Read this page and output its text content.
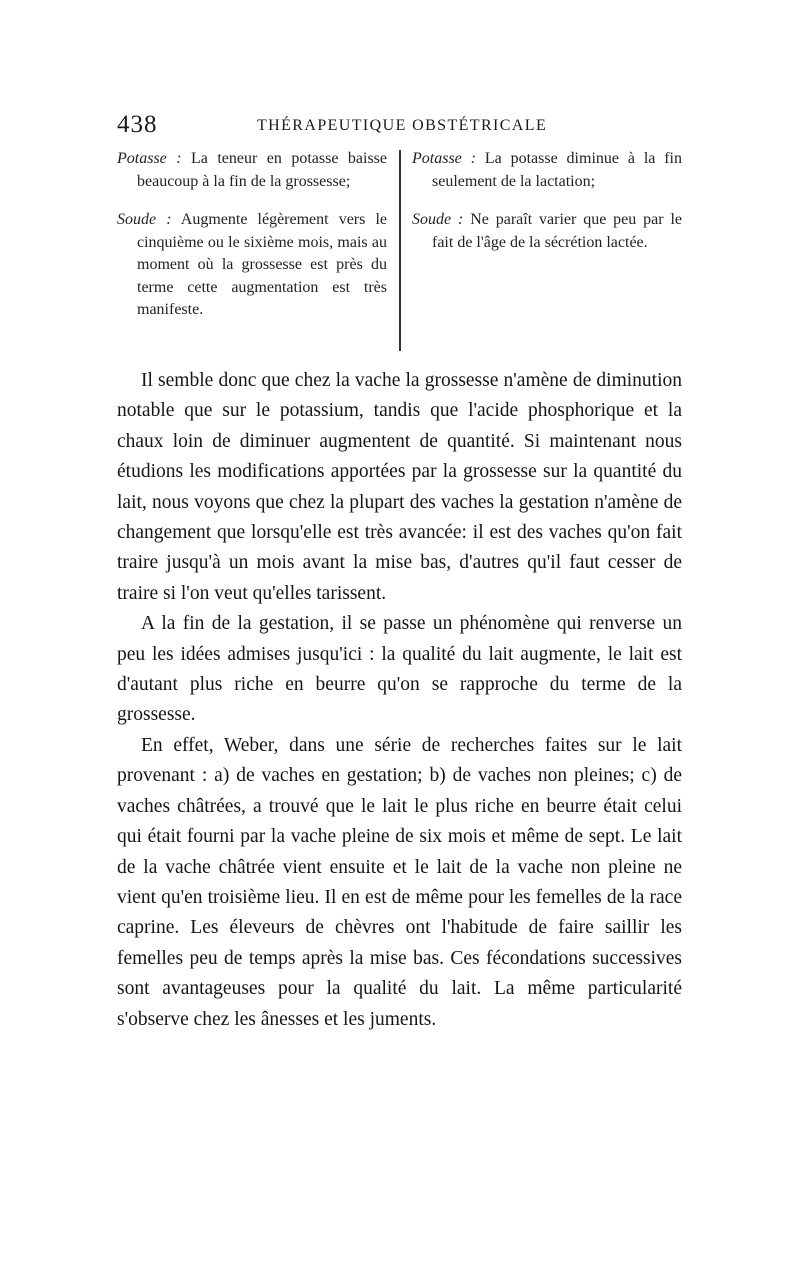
438	THÉRAPEUTIQUE OBSTÉTRICALE

Potasse : La teneur en potasse baisse beaucoup à la fin de la grossesse;

Soude : Augmente légèrement vers le cinquième ou le sixième mois, mais au moment où la grossesse est près du terme cette augmentation est très manifeste.

Potasse : La potasse diminue à la fin seulement de la lactation;

Soude : Ne paraît varier que peu par le fait de l'âge de la sécrétion lactée.

Il semble donc que chez la vache la grossesse n'amène de diminution notable que sur le potassium, tandis que l'acide phosphorique et la chaux loin de diminuer augmentent de quantité. Si maintenant nous étudions les modifications apportées par la grossesse sur la quantité du lait, nous voyons que chez la plupart des vaches la gestation n'amène de changement que lorsqu'elle est très avancée: il est des vaches qu'on fait traire jusqu'à un mois avant la mise bas, d'autres qu'il faut cesser de traire si l'on veut qu'elles tarissent.

A la fin de la gestation, il se passe un phénomène qui renverse un peu les idées admises jusqu'ici : la qualité du lait augmente, le lait est d'autant plus riche en beurre qu'on se rapproche du terme de la grossesse.

En effet, Weber, dans une série de recherches faites sur le lait provenant : a) de vaches en gestation; b) de vaches non pleines; c) de vaches châtrées, a trouvé que le lait le plus riche en beurre était celui qui était fourni par la vache pleine de six mois et même de sept. Le lait de la vache châtrée vient ensuite et le lait de la vache non pleine ne vient qu'en troisième lieu. Il en est de même pour les femelles de la race caprine. Les éleveurs de chèvres ont l'habitude de faire saillir les femelles peu de temps après la mise bas. Ces fécondations successives sont avantageuses pour la qualité du lait. La même particularité s'observe chez les ânesses et les juments.
